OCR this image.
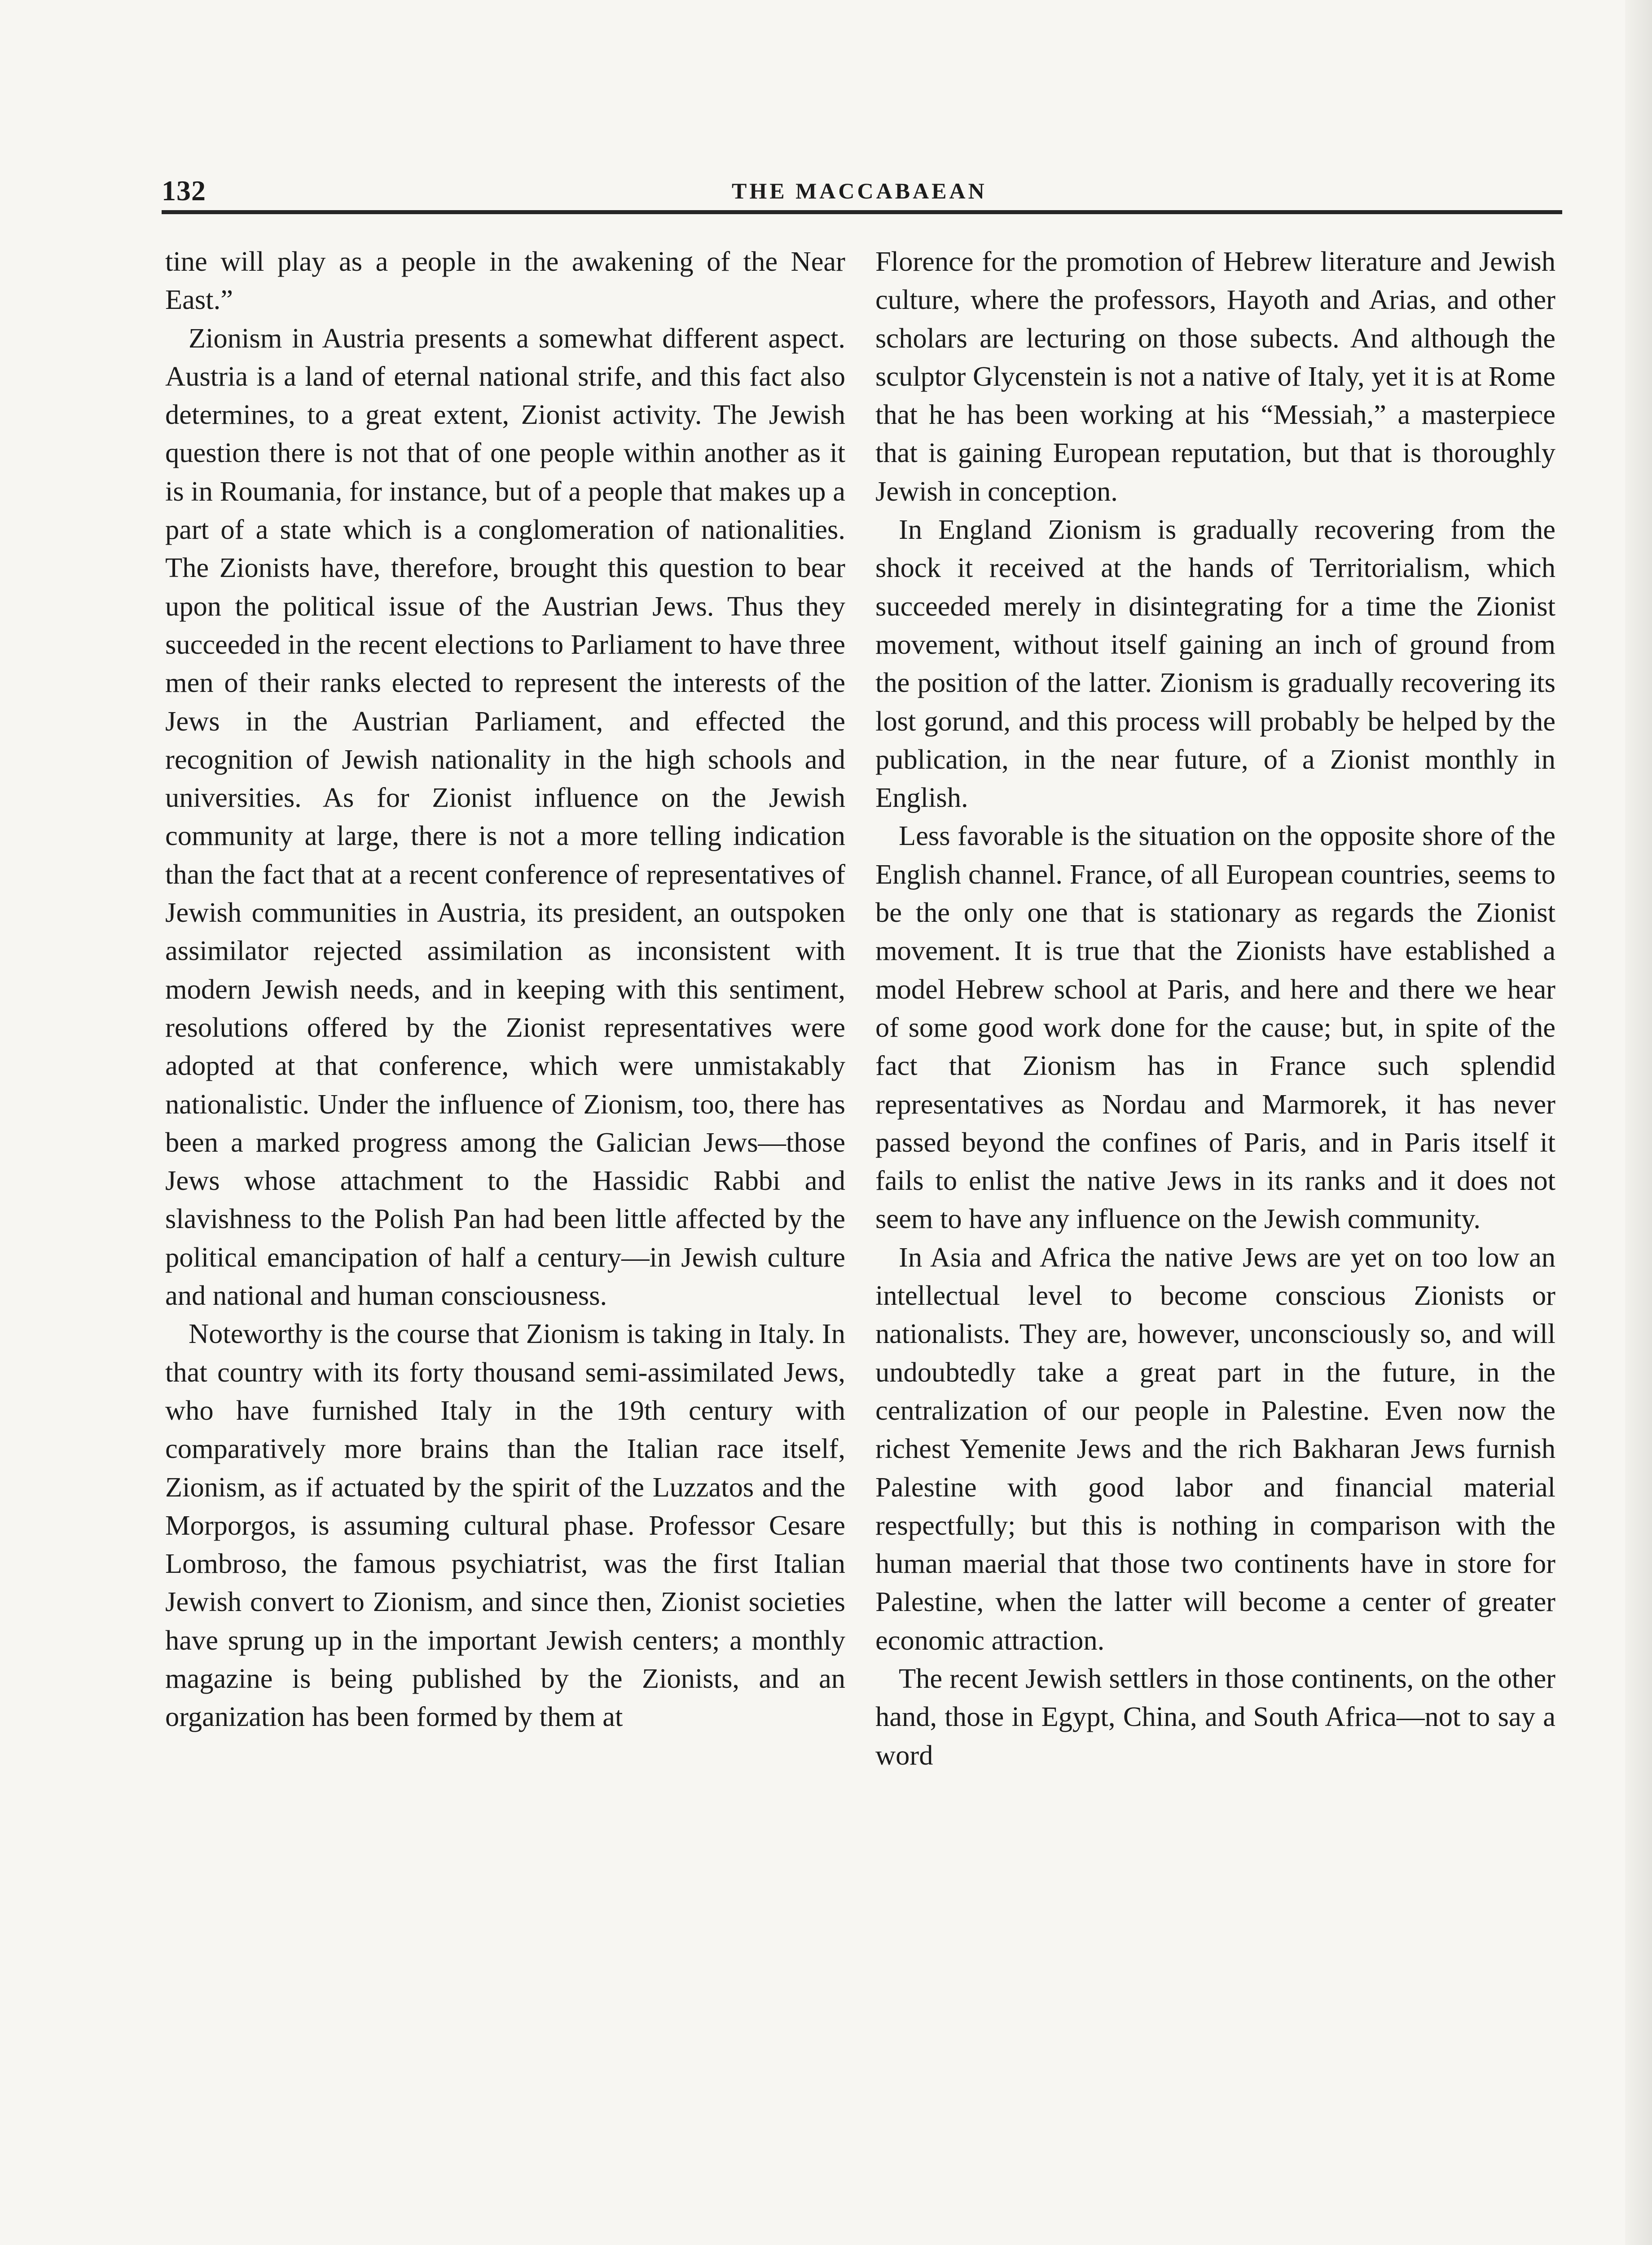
132	THE MACCABAEAN

tine will play as a people in the awakening of the Near East.”

Zionism in Austria presents a somewhat different aspect. Austria is a land of eternal national strife, and this fact also determines, to a great extent, Zionist activity. The Jewish question there is not that of one people within another as it is in Roumania, for instance, but of a people that makes up a part of a state which is a conglomeration of nationalities. The Zionists have, therefore, brought this question to bear upon the political issue of the Austrian Jews. Thus they succeeded in the recent elections to Parliament to have three men of their ranks elected to represent the interests of the Jews in the Austrian Parliament, and effected the recognition of Jewish nationality in the high schools and universities. As for Zionist influence on the Jewish community at large, there is not a more telling indication than the fact that at a recent conference of representatives of Jewish communities in Austria, its president, an outspoken assimilator rejected assimilation as inconsistent with modern Jewish needs, and in keeping with this sentiment, resolutions offered by the Zionist representatives were adopted at that conference, which were unmistakably nationalistic. Under the influence of Zionism, too, there has been a marked progress among the Galician Jews—those Jews whose attachment to the Hassidic Rabbi and slavishness to the Polish Pan had been little affected by the political emancipation of half a century—in Jewish culture and national and human consciousness.

Noteworthy is the course that Zionism is taking in Italy. In that country with its forty thousand semi-assimilated Jews, who have furnished Italy in the 19th century with comparatively more brains than the Italian race itself, Zionism, as if actuated by the spirit of the Luzzatos and the Morporgos, is assuming cultural phase. Professor Cesare Lombroso, the famous psychiatrist, was the first Italian Jewish convert to Zionism, and since then, Zionist societies have sprung up in the important Jewish centers; a monthly magazine is being published by the Zionists, and an organization has been formed by them at

Florence for the promotion of Hebrew literature and Jewish culture, where the professors, Hayoth and Arias, and other scholars are lecturing on those subects. And although the sculptor Glycenstein is not a native of Italy, yet it is at Rome that he has been working at his “Messiah,” a masterpiece that is gaining European reputation, but that is thoroughly Jewish in conception.

In England Zionism is gradually recovering from the shock it received at the hands of Territorialism, which succeeded merely in disintegrating for a time the Zionist movement, without itself gaining an inch of ground from the position of the latter. Zionism is gradually recovering its lost gorund, and this process will probably be helped by the publication, in the near future, of a Zionist monthly in English.

Less favorable is the situation on the opposite shore of the English channel. France, of all European countries, seems to be the only one that is stationary as regards the Zionist movement. It is true that the Zionists have established a model Hebrew school at Paris, and here and there we hear of some good work done for the cause; but, in spite of the fact that Zionism has in France such splendid representatives as Nordau and Marmorek, it has never passed beyond the confines of Paris, and in Paris itself it fails to enlist the native Jews in its ranks and it does not seem to have any influence on the Jewish community.

In Asia and Africa the native Jews are yet on too low an intellectual level to become conscious Zionists or nationalists. They are, however, unconsciously so, and will undoubtedly take a great part in the future, in the centralization of our people in Palestine. Even now the richest Yemenite Jews and the rich Bakharan Jews furnish Palestine with good labor and financial material respectfully; but this is nothing in comparison with the human maerial that those two continents have in store for Palestine, when the latter will become a center of greater economic attraction.

The recent Jewish settlers in those continents, on the other hand, those in Egypt, China, and South Africa—not to say a word
